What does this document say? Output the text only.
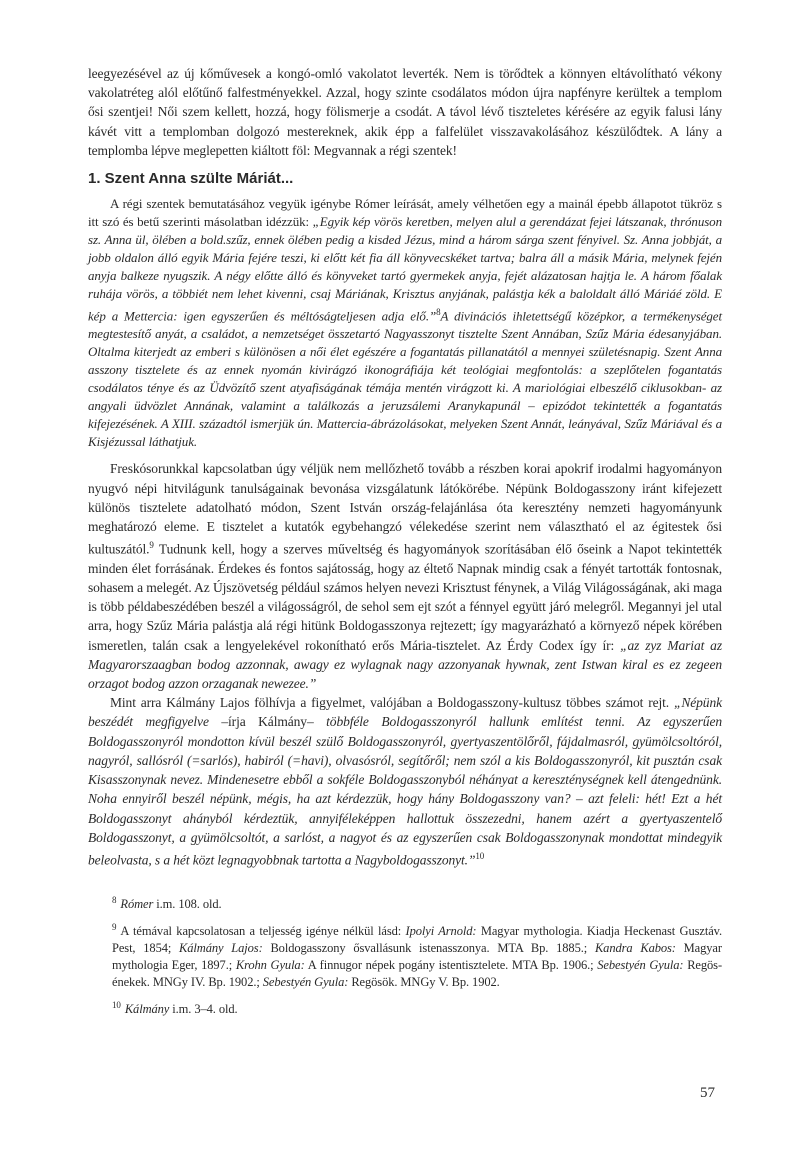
leegyezésével az új kőművesek a kongó-omló vakolatot leverték. Nem is törődtek a könnyen eltávolítható vékony vakolatréteg alól előtűnő falfestményekkel. Azzal, hogy szinte csodálatos módon újra napfényre kerültek a templom ősi szentjei! Női szem kellett, hozzá, hogy fölismerje a csodát. A távol lévő tiszteletes kérésére az egyik falusi lány kávét vitt a templomban dolgozó mestereknek, akik épp a falfelület visszavakolásához készülődtek. A lány a templomba lépve meglepetten kiáltott föl: Megvannak a régi szentek!

1. Szent Anna szülte Máriát...

A régi szentek bemutatásához vegyük igénybe Rómer leírását, amely vélhetően egy a mainál épebb állapotot tükröz s itt szó és betű szerinti másolatban idézzük: „Egyik kép vörös keretben, melyen alul a gerendázat fejei látszanak, thrónuson sz. Anna ül, ölében a bold.szűz, ennek ölében pedig a kisded Jézus, mind a három sárga szent fényivel. Sz. Anna jobbját, a jobb oldalon álló egyik Mária fejére teszi, ki előtt két fia áll könyvecskéket tartva; balra áll a másik Mária, melynek fején anyja balkeze nyugszik. A négy előtte álló és könyveket tartó gyermekek anyja, fejét alázatosan hajtja le. A három főalak ruhája vörös, a többiét nem lehet kivenni, csaj Máriának, Krisztus anyjának, palástja kék a baloldalt álló Máriáé zöld. E kép a Mettercia: igen egyszerűen és méltóságteljesen adja elő.”$^8$A divinációs ihletettségű középkor, a termékenységet megtestesítő anyát, a családot, a nemzetséget összetartó Nagyasszonyt tisztelte Szent Annában, Szűz Mária édesanyjában. Oltalma kiterjedt az emberi s különösen a női élet egészére a fogantatás pillanatától a mennyei születésnapig. Szent Anna asszony tisztelete és az ennek nyomán kivirágzó ikonográfiája két teológiai megfontolás: a szeplőtelen fogantatás csodálatos ténye és az Üdvözítő szent atyafiságának témája mentén virágzott ki. A mariológiai elbeszélő ciklusokban- az angyali üdvözlet Annának, valamint a találkozás a jeruzsálemi Aranykapunál – epizódot tekintették a fogantatás kifejezésének. A XIII. századtól ismerjük ún. Mattercia-ábrázolásokat, melyeken Szent Annát, leányával, Szűz Máriával és a Kisjézussal láthatjuk.

Freskósorunkkal kapcsolatban úgy véljük nem mellőzhető tovább a részben korai apokrif irodalmi hagyományon nyugvó népi hitvilágunk tanulságainak bevonása vizsgálatunk látókörébe. Népünk Boldogasszony iránt kifejezett különös tisztelete adatolható módon, Szent István ország-felajánlása óta keresztény nemzeti hagyományunk meghatározó eleme. E tisztelet a kutatók egybehangzó vélekedése szerint nem választható el az égitestek ősi kultuszától.$^9$ Tudnunk kell, hogy a szerves műveltség és hagyományok szorításában élő őseink a Napot tekintették minden élet forrásának. Érdekes és fontos sajátosság, hogy az éltető Napnak mindig csak a fényét tartották fontosnak, sohasem a melegét. Az Újszövetség például számos helyen nevezi Krisztust fénynek, a Világ Világosságának, aki maga is több példabeszédében beszél a világosságról, de sehol sem ejt szót a fénnyel együtt járó melegről. Megannyi jel utal arra, hogy Szűz Mária palástja alá régi hitünk Boldogasszonya rejtezett; így magyarázható a környező népek körében ismeretlen, talán csak a lengyelekével rokonítható erős Mária-tisztelet. Az Érdy Codex így ír: „az zyz Mariat az Magyarorszaagban bodog azzonnak, awagy ez wylagnak nagy azzonyanak hywnak, zent Istwan kiral es ez zegeen orzagot bodog azzon orzaganak newezee.”

Mint arra Kálmány Lajos fölhívja a figyelmet, valójában a Boldogasszony-kultusz többes számot rejt. „Népünk beszédét megfigyelve –írja Kálmány– többféle Boldogasszonyról hallunk említést tenni. Az egyszerűen Boldogasszonyról mondotton kívül beszél szülő Boldogasszonyról, gyertyaszentölőről, fájdalmasról, gyümölcsoltóról, nagyról, sallósról (=sarlós), habiról (=havi), olvasósról, segítőről; nem szól a kis Boldogasszonyról, kit pusztán csak Kisasszonynak nevez. Mindenesetre ebből a sokféle Boldogasszonyból néhányat a kereszténységnek kell átengednünk. Noha ennyiről beszél népünk, mégis, ha azt kérdezzük, hogy hány Boldogasszony van? – azt feleli: hét! Ezt a hét Boldogasszonyt ahányból kérdeztük, annyiféleképpen hallottuk összezedni, hanem azért a gyertyaszentelő Boldogasszonyt, a gyümölcsoltót, a sarlóst, a nagyot és az egyszerűen csak Boldogasszonynak mondottat mindegyik beleolvasta, s a hét közt legnagyobbnak tartotta a Nagyboldogasszonyt.”$^{10}$

$^8$ Rómer i.m. 108. old.

$^9$ A témával kapcsolatosan a teljesség igénye nélkül lásd: Ipolyi Arnold: Magyar mythologia. Kiadja Heckenast Gusztáv. Pest, 1854; Kálmány Lajos: Boldogasszony ősvallásunk istenasszonya. MTA Bp. 1885.; Kandra Kabos: Magyar mythologia Eger, 1897.; Krohn Gyula: A finnugor népek pogány istentisztelete. MTA Bp. 1906.; Sebestyén Gyula: Regös-énekek. MNGy IV. Bp. 1902.; Sebestyén Gyula: Regösök. MNGy V. Bp. 1902.

$^{10}$ Kálmány i.m. 3–4. old.

57
